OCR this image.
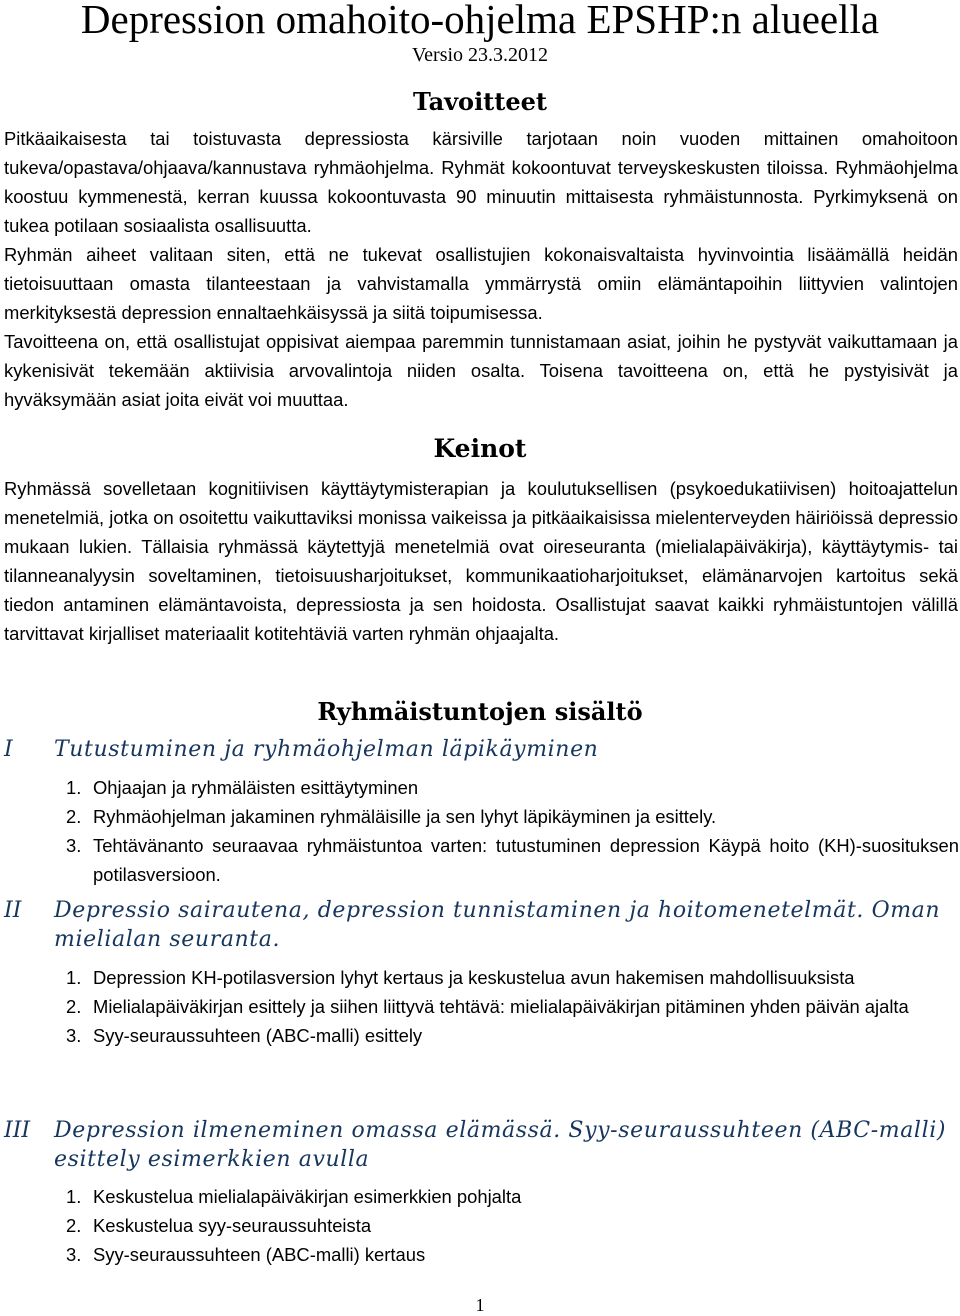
Depression omahoito-ohjelma EPSHP:n alueella
Versio 23.3.2012
Tavoitteet

Pitkäaikaisesta tai toistuvasta depressiosta kärsiville tarjotaan noin vuoden mittainen omahoitoon tukeva/opastava/ohjaava/kannustava ryhmäohjelma. Ryhmät kokoontuvat terveyskeskusten tiloissa. Ryhmäohjelma koostuu kymmenestä, kerran kuussa kokoontuvasta 90 minuutin mittaisesta ryhmäistunnosta. Pyrkimyksenä on tukea potilaan sosiaalista osallisuutta.

Ryhmän aiheet valitaan siten, että ne tukevat osallistujien kokonaisvaltaista hyvinvointia lisäämällä heidän tietoisuuttaan omasta tilanteestaan ja vahvistamalla ymmärrystä omiin elämäntapoihin liittyvien valintojen merkityksestä depression ennaltaehkäisyssä ja siitä toipumisessa.

Tavoitteena on, että osallistujat oppisivat aiempaa paremmin tunnistamaan asiat, joihin he pystyvät vaikuttamaan ja kykenisivät tekemään aktiivisia arvovalintoja niiden osalta. Toisena tavoitteena on, että he pystyisivät ja hyväksymään asiat joita eivät voi muuttaa.

Keinot

Ryhmässä sovelletaan kognitiivisen käyttäytymisterapian ja koulutuksellisen (psykoedukatiivisen) hoitoajattelun menetelmiä, jotka on osoitettu vaikuttaviksi monissa vaikeissa ja pitkäaikaisissa mielenterveyden häiriöissä depressio mukaan lukien. Tällaisia ryhmässä käytettyjä menetelmiä ovat oireseuranta (mielialapäiväkirja), käyttäytymis- tai tilanneanalyysin soveltaminen, tietoisuusharjoitukset, kommunikaatioharjoitukset, elämänarvojen kartoitus sekä tiedon antaminen elämäntavoista, depressiosta ja sen hoidosta. Osallistujat saavat kaikki ryhmäistuntojen välillä tarvittavat kirjalliset materiaalit kotitehtäviä varten ryhmän ohjaajalta.

Ryhmäistuntojen sisältö
I Tutustuminen ja ryhmäohjelman läpikäyminen
1. Ohjaajan ja ryhmäläisten esittäytyminen
2. Ryhmäohjelman jakaminen ryhmäläisille ja sen lyhyt läpikäyminen ja esittely.
3. Tehtävänanto seuraavaa ryhmäistuntoa varten: tutustuminen depression Käypä hoito (KH)-suosituksen potilasversioon.
II Depressio sairautena, depression tunnistaminen ja hoitomenetelmät. Oman mielialan seuranta.
1. Depression KH-potilasversion lyhyt kertaus ja keskustelua avun hakemisen mahdollisuuksista
2. Mielialapäiväkirjan esittely ja siihen liittyvä tehtävä: mielialapäiväkirjan pitäminen yhden päivän ajalta
3. Syy-seuraussuhteen (ABC-malli) esittely
III Depression ilmeneminen omassa elämässä. Syy-seuraussuhteen (ABC-malli) esittely esimerkkien avulla
1. Keskustelua mielialapäiväkirjan esimerkkien pohjalta
2. Keskustelua syy-seuraussuhteista
3. Syy-seuraussuhteen (ABC-malli) kertaus
1
